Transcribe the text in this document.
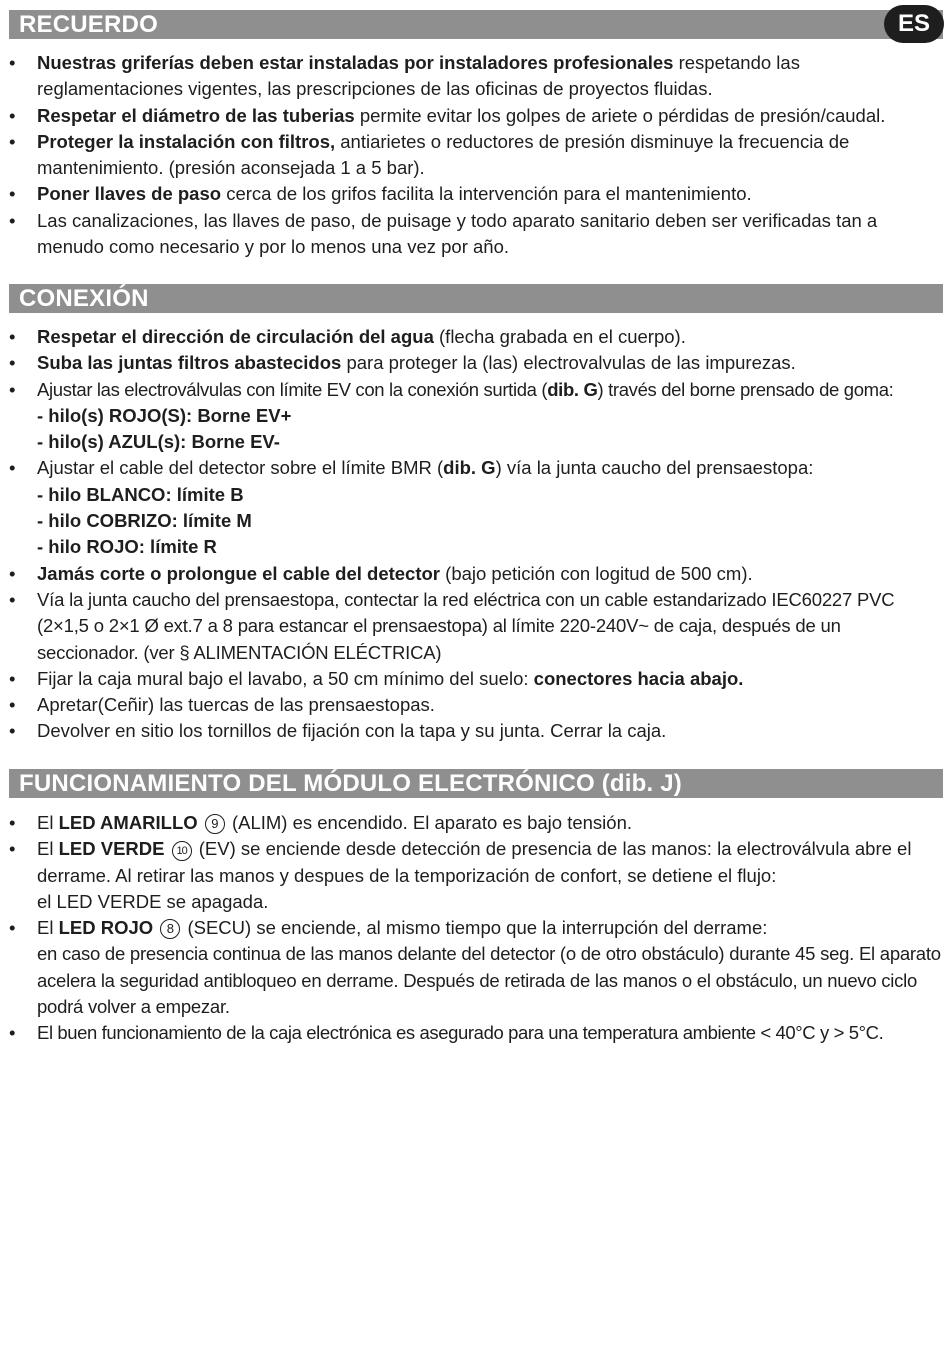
RECUERDO	ES
• Nuestras griferías deben estar instaladas por instaladores profesionales respetando las reglamentaciones vigentes, las prescripciones de las oficinas de proyectos fluidas.
• Respetar el diámetro de las tuberias permite evitar los golpes de ariete o pérdidas de presión/caudal.
• Proteger la instalación con filtros, antiarietes o reductores de presión disminuye la frecuencia de mantenimiento. (presión aconsejada 1 a 5 bar).
• Poner llaves de paso cerca de los grifos facilita la intervención para el mantenimiento.
• Las canalizaciones, las llaves de paso, de puisage y todo aparato sanitario deben ser verificadas tan a menudo como necesario y por lo menos una vez por año.
CONEXIÓN
• Respetar el dirección de circulación del agua (flecha grabada en el cuerpo).
• Suba las juntas filtros abastecidos para proteger la (las) electrovalvulas de las impurezas.
• Ajustar las electroválvulas con límite EV con la conexión surtida (dib. G) través del borne prensado de goma:
- hilo(s) ROJO(S): Borne EV+
- hilo(s) AZUL(s): Borne EV-
• Ajustar el cable del detector sobre el límite BMR (dib. G) vía la junta caucho del prensaestopa:
- hilo BLANCO: límite B
- hilo COBRIZO: límite M
- hilo ROJO: límite R
• Jamás corte o prolongue el cable del detector (bajo petición con logitud de 500 cm).
• Vía la junta caucho del prensaestopa, contectar la red eléctrica con un cable estandarizado IEC60227 PVC (2×1,5 o 2×1 Ø ext.7 a 8 para estancar el prensaestopa) al límite 220-240V~ de caja, después de un seccionador. (ver § ALIMENTACIÓN ELÉCTRICA)
• Fijar la caja mural bajo el lavabo, a 50 cm mínimo del suelo: conectores hacia abajo.
• Apretar(Ceñir) las tuercas de las prensaestopas.
• Devolver en sitio los tornillos de fijación con la tapa y su junta. Cerrar la caja.
FUNCIONAMIENTO DEL MÓDULO ELECTRÓNICO (dib. J)
• El LED AMARILLO 9 (ALIM) es encendido. El aparato es bajo tensión.
• El LED VERDE 10 (EV) se enciende desde detección de presencia de las manos: la electroválvula abre el derrame. Al retirar las manos y despues de la temporización de confort, se detiene el flujo:
el LED VERDE se apagada.
• El LED ROJO 8 (SECU) se enciende, al mismo tiempo que la interrupción del derrame:
en caso de presencia continua de las manos delante del detector (o de otro obstáculo) durante 45 seg. El aparato acelera la seguridad antibloqueo en derrame. Después de retirada de las manos o el obstáculo, un nuevo ciclo podrá volver a empezar.
• El buen funcionamiento de la caja electrónica es asegurado para una temperatura ambiente < 40°C y > 5°C.
